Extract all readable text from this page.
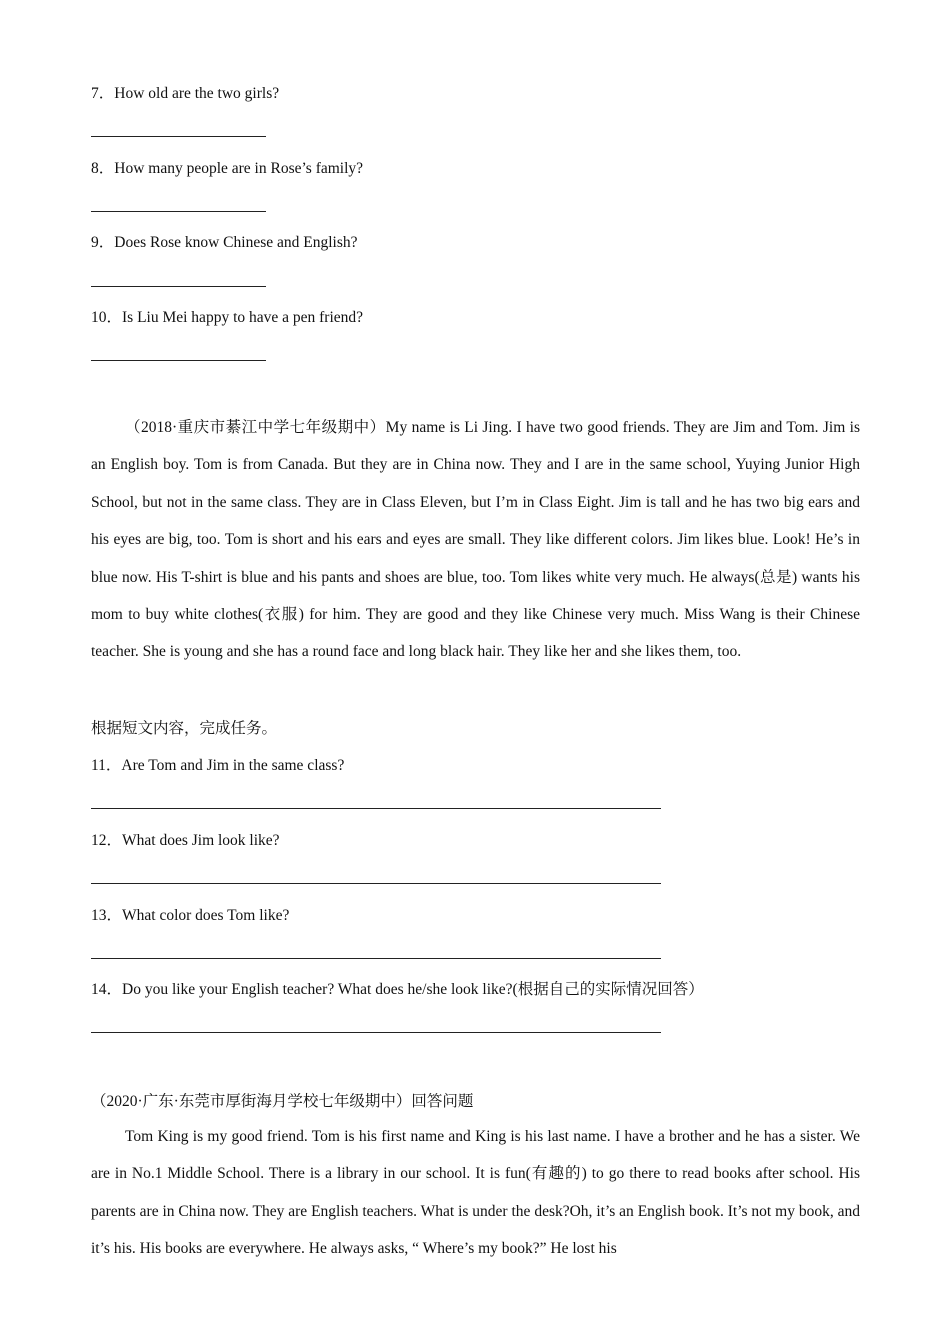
7．How old are the two girls?
8．How many people are in Rose’s family?
9．Does Rose know Chinese and English?
10．Is Liu Mei happy to have a pen friend?

（2018·重庆市綦江中学七年级期中）My name is Li Jing. I have two good friends. They are Jim and Tom. Jim is an English boy. Tom is from Canada. But they are in China now. They and I are in the same school, Yuying Junior High School, but not in the same class. They are in Class Eleven, but I’m in Class Eight. Jim is tall and he has two big ears and his eyes are big, too. Tom is short and his ears and eyes are small. They like different colors. Jim likes blue. Look! He’s in blue now. His T-shirt is blue and his pants and shoes are blue, too. Tom likes white very much. He always(总是) wants his mom to buy white clothes(衣服) for him. They are good and they like Chinese very much. Miss Wang is their Chinese teacher. She is young and she has a round face and long black hair. They like her and she likes them, too.

根据短文内容，完成任务。
11．Are Tom and Jim in the same class?
12．What does Jim look like?
13．What color does Tom like?
14．Do you like your English teacher? What does he/she look like?(根据自己的实际情况回答）
（2020·广东·东莞市厚街海月学校七年级期中）回答问题

Tom King is my good friend. Tom is his first name and King is his last name. I have a brother and he has a sister. We are in No.1 Middle School. There is a library in our school. It is fun(有趣的) to go there to read books after school. His parents are in China now. They are English teachers. What is under the desk?Oh, it’s an English book. It’s not my book, and it’s his. His books are everywhere. He always asks, “ Where’s my book?” He lost his
